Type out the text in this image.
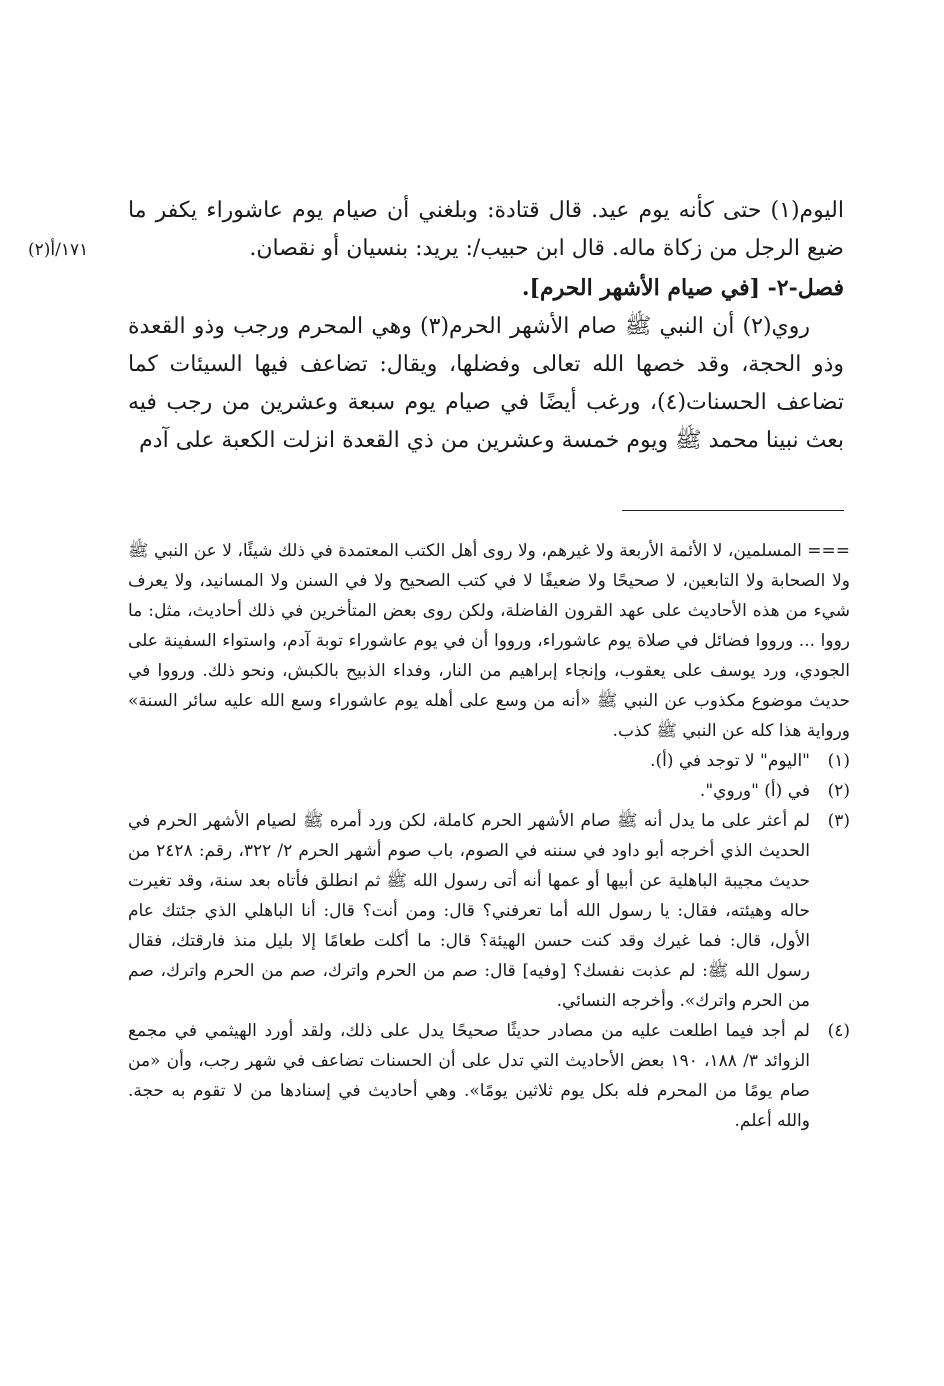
١٧١/أ(٢)

اليوم(١) حتى كأنه يوم عيد. قال قتادة: وبلغني أن صيام يوم عاشوراء يكفر ما ضيع الرجل من زكاة ماله. قال ابن حبيب/: يريد: بنسيان أو نقصان.

فصل-٢- [في صيام الأشهر الحرم].

روي(٢) أن النبي ﷺ صام الأشهر الحرم(٣) وهي المحرم ورجب وذو القعدة وذو الحجة، وقد خصها الله تعالى وفضلها، ويقال: تضاعف فيها السيئات كما تضاعف الحسنات(٤)، ورغب أيضًا في صيام يوم سبعة وعشرين من رجب فيه بعث نبينا محمد ﷺ ويوم خمسة وعشرين من ذي القعدة انزلت الكعبة على آدم

=== المسلمين، لا الأئمة الأربعة ولا غيرهم، ولا روى أهل الكتب المعتمدة في ذلك شيئًا، لا عن النبي ﷺ ولا الصحابة ولا التابعين، لا صحيحًا ولا ضعيفًا لا في كتب الصحيح ولا في السنن ولا المسانيد، ولا يعرف شيء من هذه الأحاديث على عهد القرون الفاضلة، ولكن روى بعض المتأخرين في ذلك أحاديث، مثل: ما رووا ... ورووا فضائل في صلاة يوم عاشوراء، ورووا أن في يوم عاشوراء توبة آدم، واستواء السفينة على الجودي، ورد يوسف على يعقوب، وإنجاء إبراهيم من النار، وفداء الذبيح بالكبش، ونحو ذلك. ورووا في حديث موضوع مكذوب عن النبي ﷺ «أنه من وسع على أهله يوم عاشوراء وسع الله عليه سائر السنة» ورواية هذا كله عن النبي ﷺ كذب.
(١)
"اليوم" لا توجد في (أ).
(٢)
في (أ) "وروي".
(٣)
لم أعثر على ما يدل أنه ﷺ صام الأشهر الحرم كاملة، لكن ورد أمره ﷺ لصيام الأشهر الحرم في الحديث الذي أخرجه أبو داود في سننه في الصوم، باب صوم أشهر الحرم ٢/ ٣٢٢، رقم: ٢٤٢٨ من حديث مجيبة الباهلية عن أبيها أو عمها أنه أتى رسول الله ﷺ ثم انطلق فأتاه بعد سنة، وقد تغيرت حاله وهيئته، فقال: يا رسول الله أما تعرفني؟ قال: ومن أنت؟ قال: أنا الباهلي الذي جئتك عام الأول، قال: فما غيرك وقد كنت حسن الهيئة؟ قال: ما أكلت طعامًا إلا بليل منذ فارقتك، فقال رسول الله ﷺ: لم عذبت نفسك؟ [وفيه] قال: صم من الحرم واترك، صم من الحرم واترك، صم من الحرم واترك». وأخرجه النسائي.
(٤)
لم أجد فيما اطلعت عليه من مصادر حديثًا صحيحًا يدل على ذلك، ولقد أورد الهيثمي في مجمع الزوائد ٣/ ١٨٨، ١٩٠ بعض الأحاديث التي تدل على أن الحسنات تضاعف في شهر رجب، وأن «من صام يومًا من المحرم فله بكل يوم ثلاثين يومًا». وهي أحاديث في إسنادها من لا تقوم به حجة. والله أعلم.
